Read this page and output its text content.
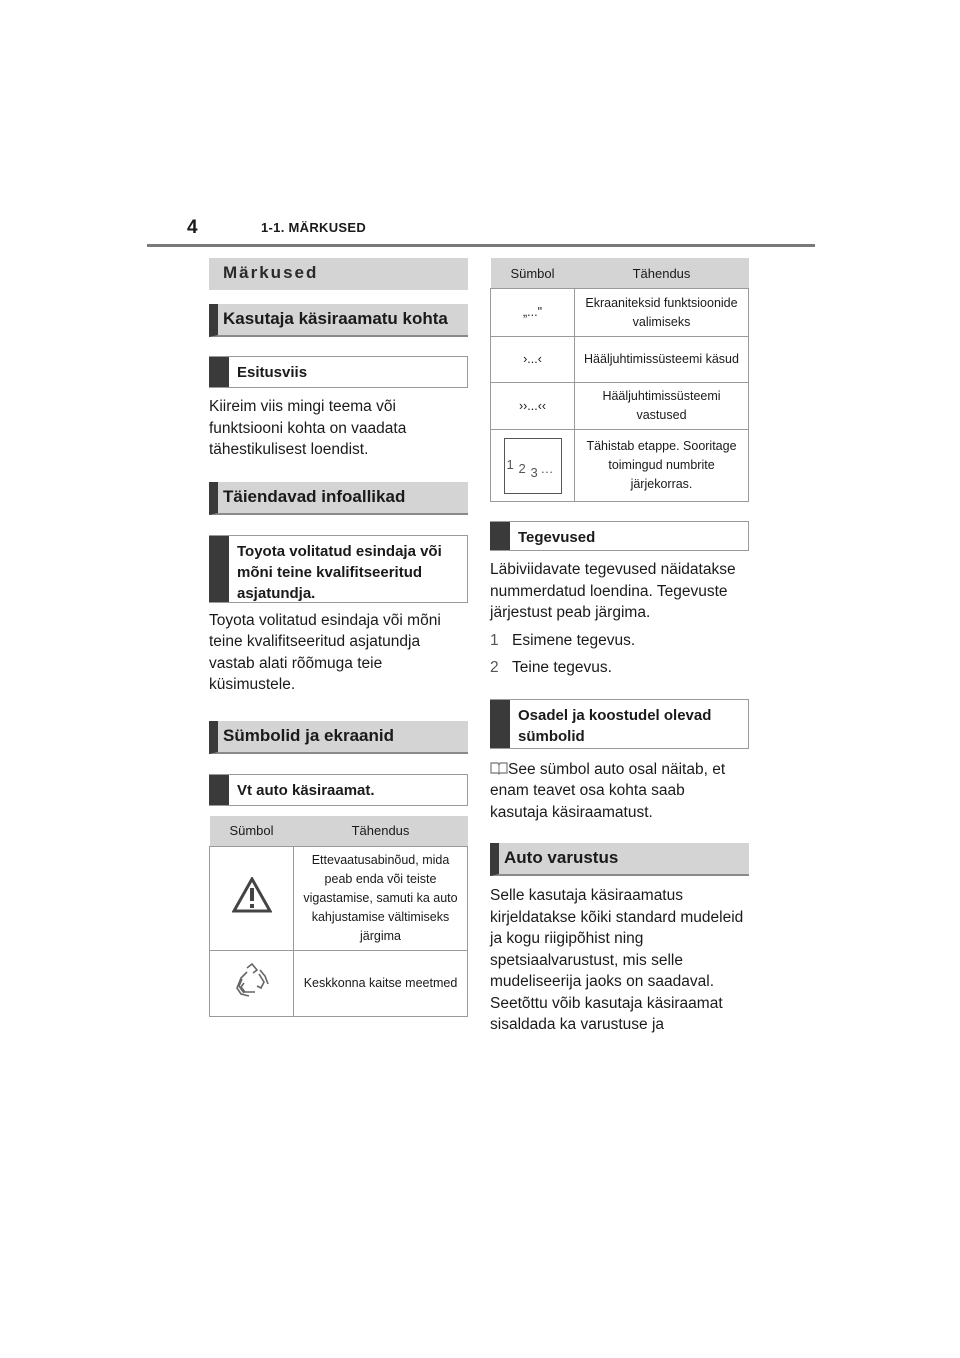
4	1-1. MÄRKUSED
Märkused
Kasutaja käsiraamatu kohta
Esitusviis

Kiireim viis mingi teema või funktsiooni kohta on vaadata tähestikulisest loendist.

Täiendavad infoallikad
Toyota volitatud esindaja või mõni teine kvalifitseeritud asjatundja.

Toyota volitatud esindaja või mõni teine kvalifitseeritud asjatundja vastab alati rõõmuga teie küsimustele.

Sümbolid ja ekraanid
Vt auto käsiraamat.
Sümbol	Tähendus
	Ettevaatusabinõud, mida peab enda või teiste vigastamise, samuti ka auto kahjustamise vältimiseks järgima
	Keskkonna kaitse meetmed
Sümbol	Tähendus
„..."	Ekraaniteksid funktsioonide valimiseks
›...‹	Hääljuhtimissüsteemi käsud
››...‹‹	Hääljuhtimissüsteemi vastused

1 2 3 …	Tähistab etappe. Sooritage toimingud numbrite järjekorras.
Tegevused

Läbiviidavate tegevused näidatakse nummerdatud loendina. Tegevuste järjestust peab järgima.

1 Esimene tegevus.
2 Teine tegevus.
Osadel ja koostudel olevad sümbolid

See sümbol auto osal näitab, et enam teavet osa kohta saab kasutaja käsiraamatust.

Auto varustus

Selle kasutaja käsiraamatus kirjeldatakse kõiki standard mudeleid ja kogu riigipõhist ning spetsiaalvarustust, mis selle mudeliseerija jaoks on saadaval. Seetõttu võib kasutaja käsiraamat sisaldada ka varustuse ja
